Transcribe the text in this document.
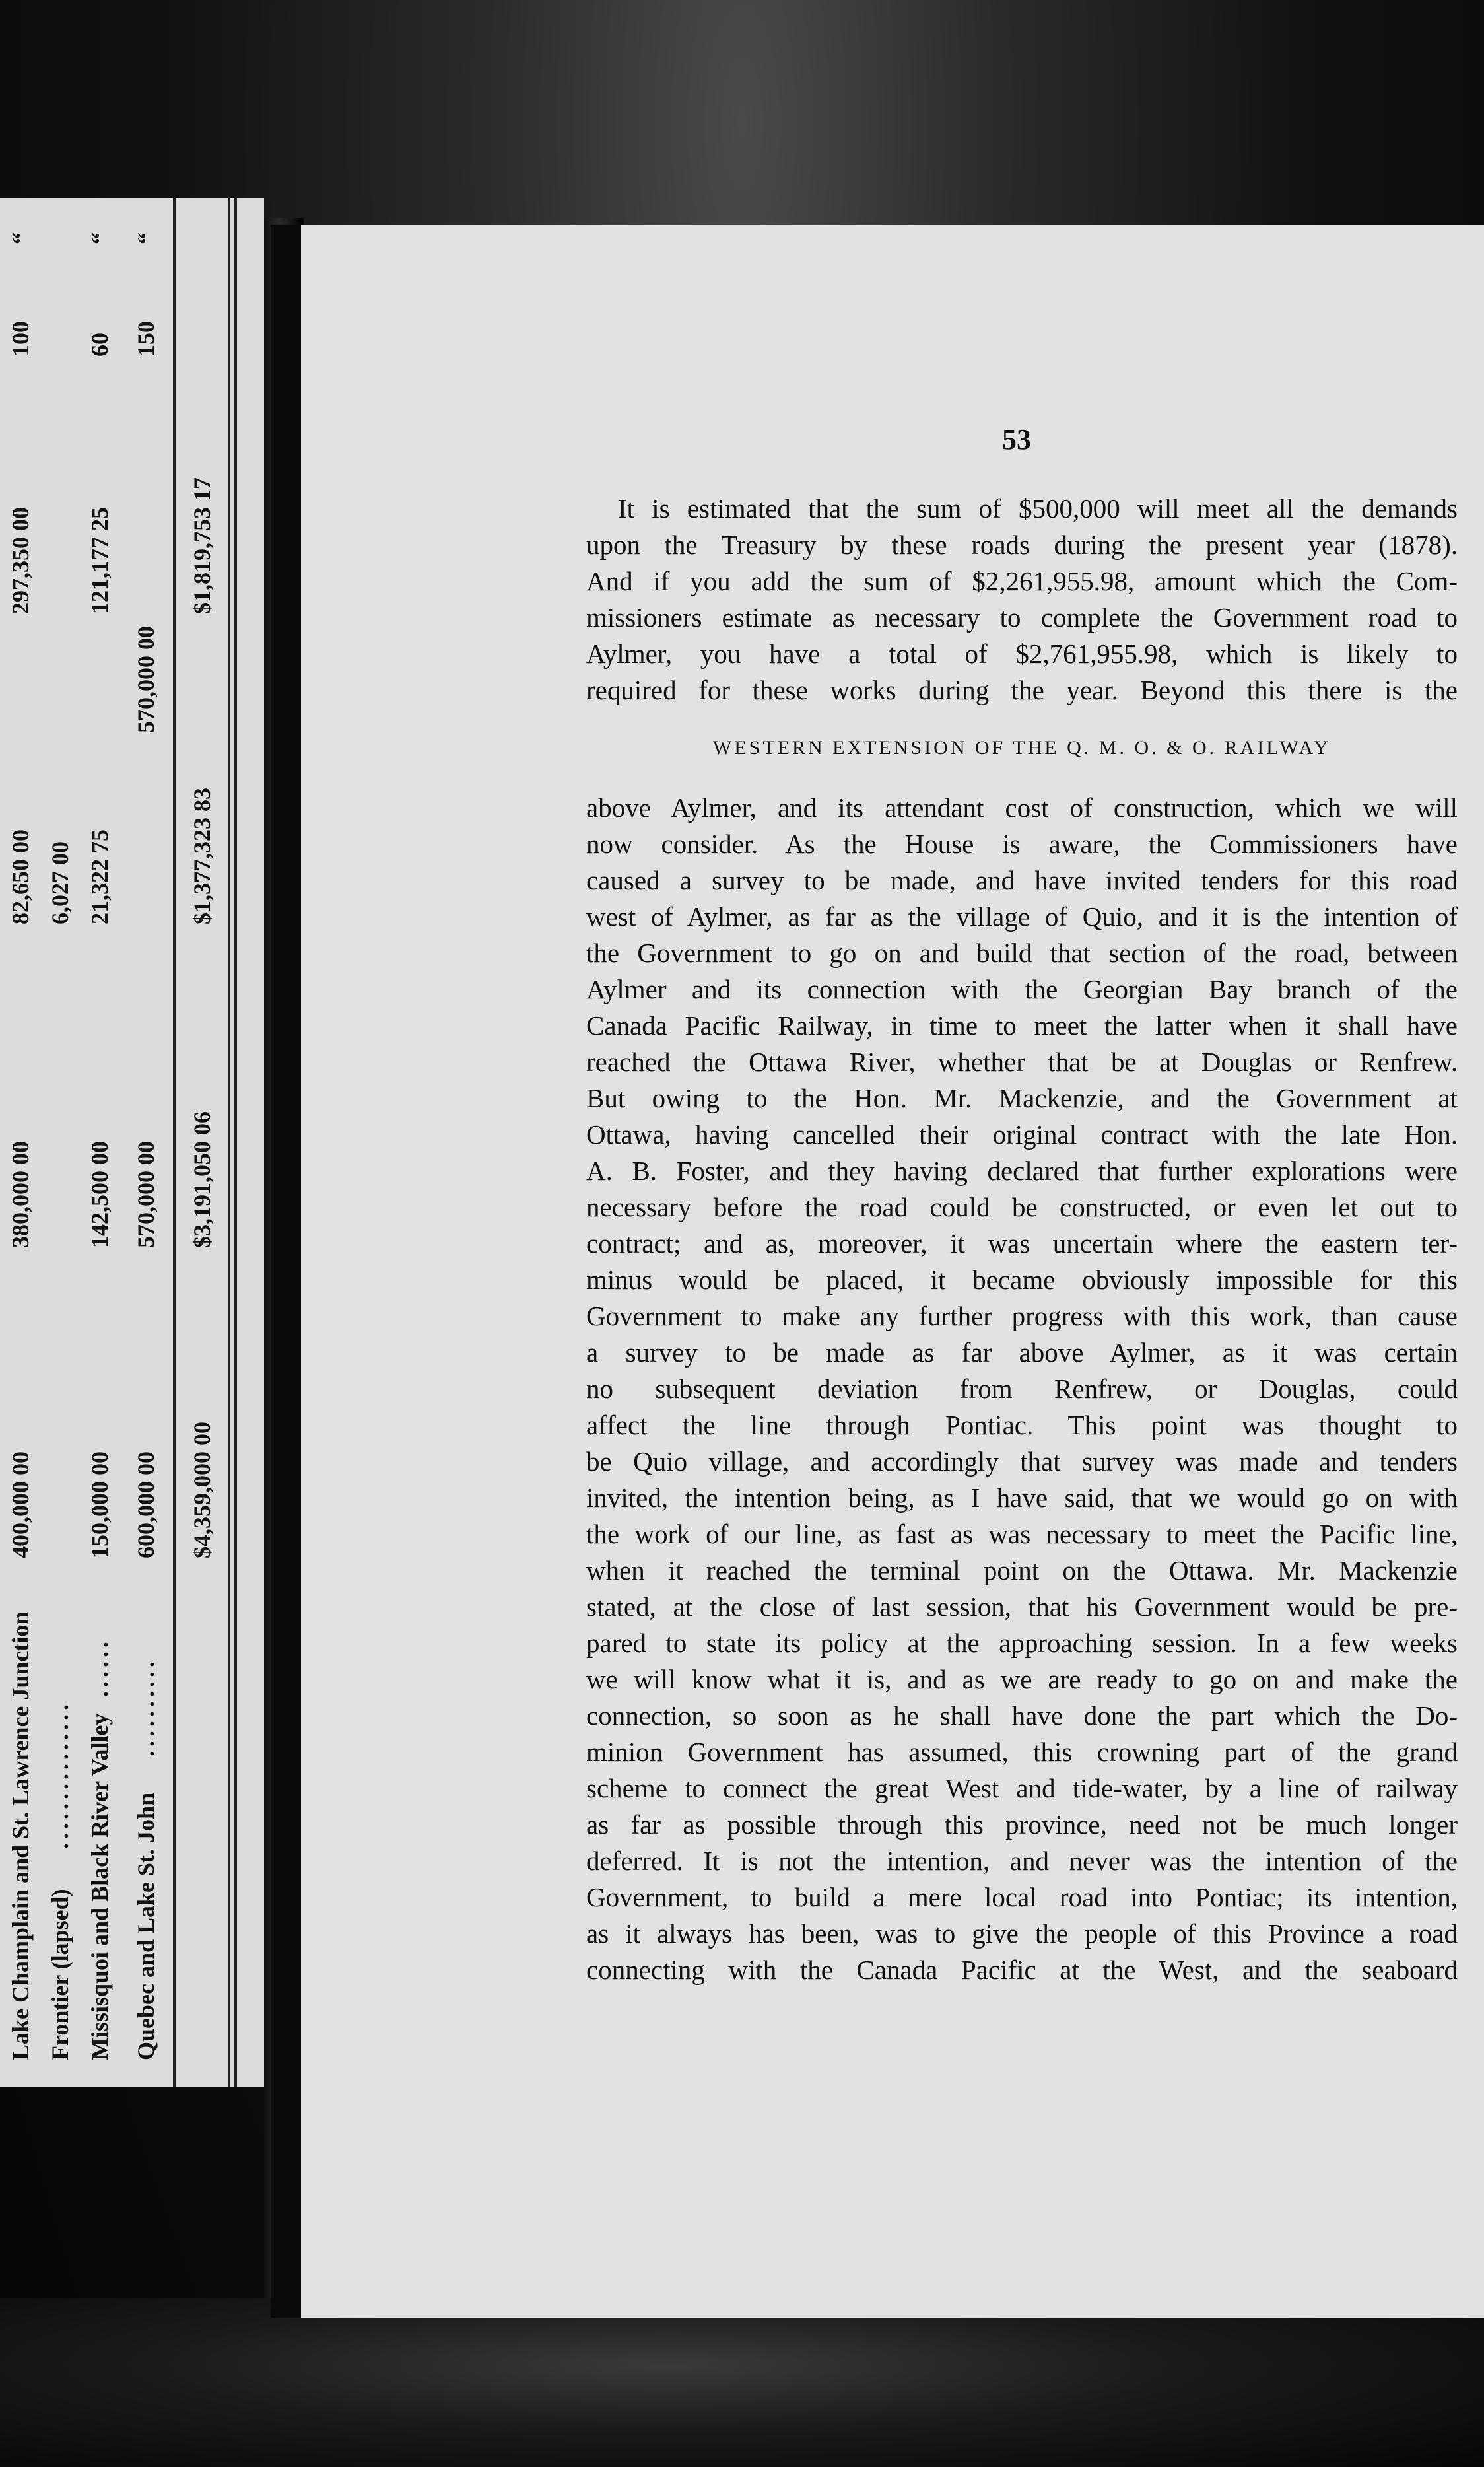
Quebec and Lake St. John
..........
600,000 00
570,000 00
570,000 00
150
“
Missisquoi and Black River Valley
......
150,000 00
142,500 00
21,322 75
121,177 25
60
“
Frontier (lapsed)
...............
6,027 00
Lake Champlain and St. Lawrence Junction
400,000 00
380,000 00
82,650 00
297,350 00
100
“
$4,359,000 00
$3,191,050 06
$1,377,323 83
$1,819,753 17
53
It is estimated that the sum of $500,000 will meet all the demands
upon the Treasury by these roads during the present year (1878).
And if you add the sum of $2,261,955.98, amount which the Com-
missioners estimate as necessary to complete the Government road to
Aylmer, you have a total of $2,761,955.98, which is likely to
required for these works during the year. Beyond this there is the
WESTERN EXTENSION OF THE Q. M. O. & O. RAILWAY
above Aylmer, and its attendant cost of construction, which we will
now consider. As the House is aware, the Commissioners have
caused a survey to be made, and have invited tenders for this road
west of Aylmer, as far as the village of Quio, and it is the intention of
the Government to go on and build that section of the road, between
Aylmer and its connection with the Georgian Bay branch of the
Canada Pacific Railway, in time to meet the latter when it shall have
reached the Ottawa River, whether that be at Douglas or Renfrew.
But owing to the Hon. Mr. Mackenzie, and the Government at
Ottawa, having cancelled their original contract with the late Hon.
A. B. Foster, and they having declared that further explorations were
necessary before the road could be constructed, or even let out to
contract; and as, moreover, it was uncertain where the eastern ter-
minus would be placed, it became obviously impossible for this
Government to make any further progress with this work, than cause
a survey to be made as far above Aylmer, as it was certain
no subsequent deviation from Renfrew, or Douglas, could
affect the line through Pontiac. This point was thought to
be Quio village, and accordingly that survey was made and tenders
invited, the intention being, as I have said, that we would go on with
the work of our line, as fast as was necessary to meet the Pacific line,
when it reached the terminal point on the Ottawa. Mr. Mackenzie
stated, at the close of last session, that his Government would be pre-
pared to state its policy at the approaching session. In a few weeks
we will know what it is, and as we are ready to go on and make the
connection, so soon as he shall have done the part which the Do-
minion Government has assumed, this crowning part of the grand
scheme to connect the great West and tide-water, by a line of railway
as far as possible through this province, need not be much longer
deferred. It is not the intention, and never was the intention of the
Government, to build a mere local road into Pontiac; its intention,
as it always has been, was to give the people of this Province a road
connecting with the Canada Pacific at the West, and the seaboard
